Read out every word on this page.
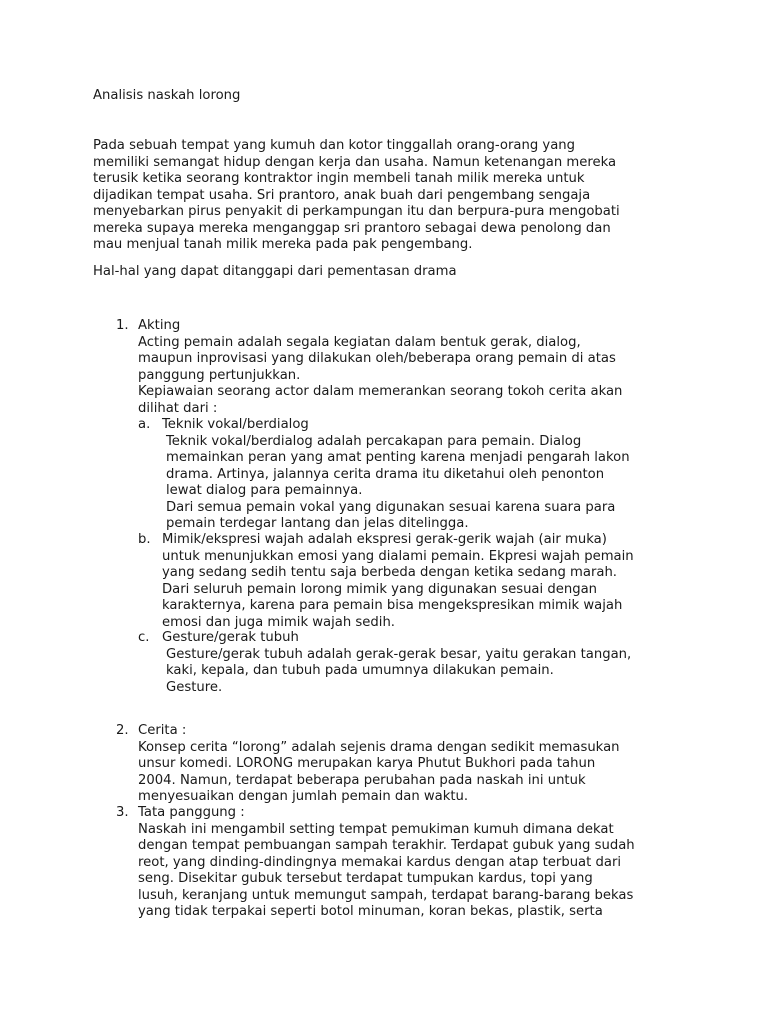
Analisis naskah lorong

Pada sebuah tempat yang kumuh dan kotor tinggallah orang-orang yang

memiliki semangat hidup dengan kerja dan usaha. Namun ketenangan mereka

terusik ketika seorang kontraktor ingin membeli tanah milik mereka untuk

dijadikan tempat usaha. Sri prantoro, anak buah dari pengembang sengaja

menyebarkan pirus penyakit di perkampungan itu dan berpura-pura mengobati

mereka supaya mereka menganggap sri prantoro sebagai dewa penolong dan

mau menjual tanah milik mereka pada pak pengembang.

Hal-hal yang dapat ditanggapi dari pementasan drama

1. Akting

Acting pemain adalah segala kegiatan dalam bentuk gerak, dialog,

maupun inprovisasi yang dilakukan oleh/beberapa orang pemain di atas

panggung pertunjukkan.

Kepiawaian seorang actor dalam memerankan seorang tokoh cerita akan

dilihat dari :

a. Teknik vokal/berdialog

Teknik vokal/berdialog adalah percakapan para pemain. Dialog

memainkan peran yang amat penting karena menjadi pengarah lakon

drama. Artinya, jalannya cerita drama itu diketahui oleh penonton

lewat dialog para pemainnya.

Dari semua pemain vokal yang digunakan sesuai karena suara para

pemain terdegar lantang dan jelas ditelingga.

b. Mimik/ekspresi wajah adalah ekspresi gerak-gerik wajah (air muka)

untuk menunjukkan emosi yang dialami pemain. Ekpresi wajah pemain

yang sedang sedih tentu saja berbeda dengan ketika sedang marah.

Dari seluruh pemain lorong mimik yang digunakan sesuai dengan

karakternya, karena para pemain bisa mengekspresikan mimik wajah

emosi dan juga mimik wajah sedih.

c. Gesture/gerak tubuh

Gesture/gerak tubuh adalah gerak-gerak besar, yaitu gerakan tangan,

kaki, kepala, dan tubuh pada umumnya dilakukan pemain.

Gesture.

2. Cerita :

Konsep cerita “lorong” adalah sejenis drama dengan sedikit memasukan

unsur komedi. LORONG merupakan karya Phutut Bukhori pada tahun

2004. Namun, terdapat beberapa perubahan pada naskah ini untuk

menyesuaikan dengan jumlah pemain dan waktu.

3. Tata panggung :

Naskah ini mengambil setting tempat pemukiman kumuh dimana dekat

dengan tempat pembuangan sampah terakhir. Terdapat gubuk yang sudah

reot, yang dinding-dindingnya memakai kardus dengan atap terbuat dari

seng. Disekitar gubuk tersebut terdapat tumpukan kardus, topi yang

lusuh, keranjang untuk memungut sampah, terdapat barang-barang bekas

yang tidak terpakai seperti botol minuman, koran bekas, plastik, serta
